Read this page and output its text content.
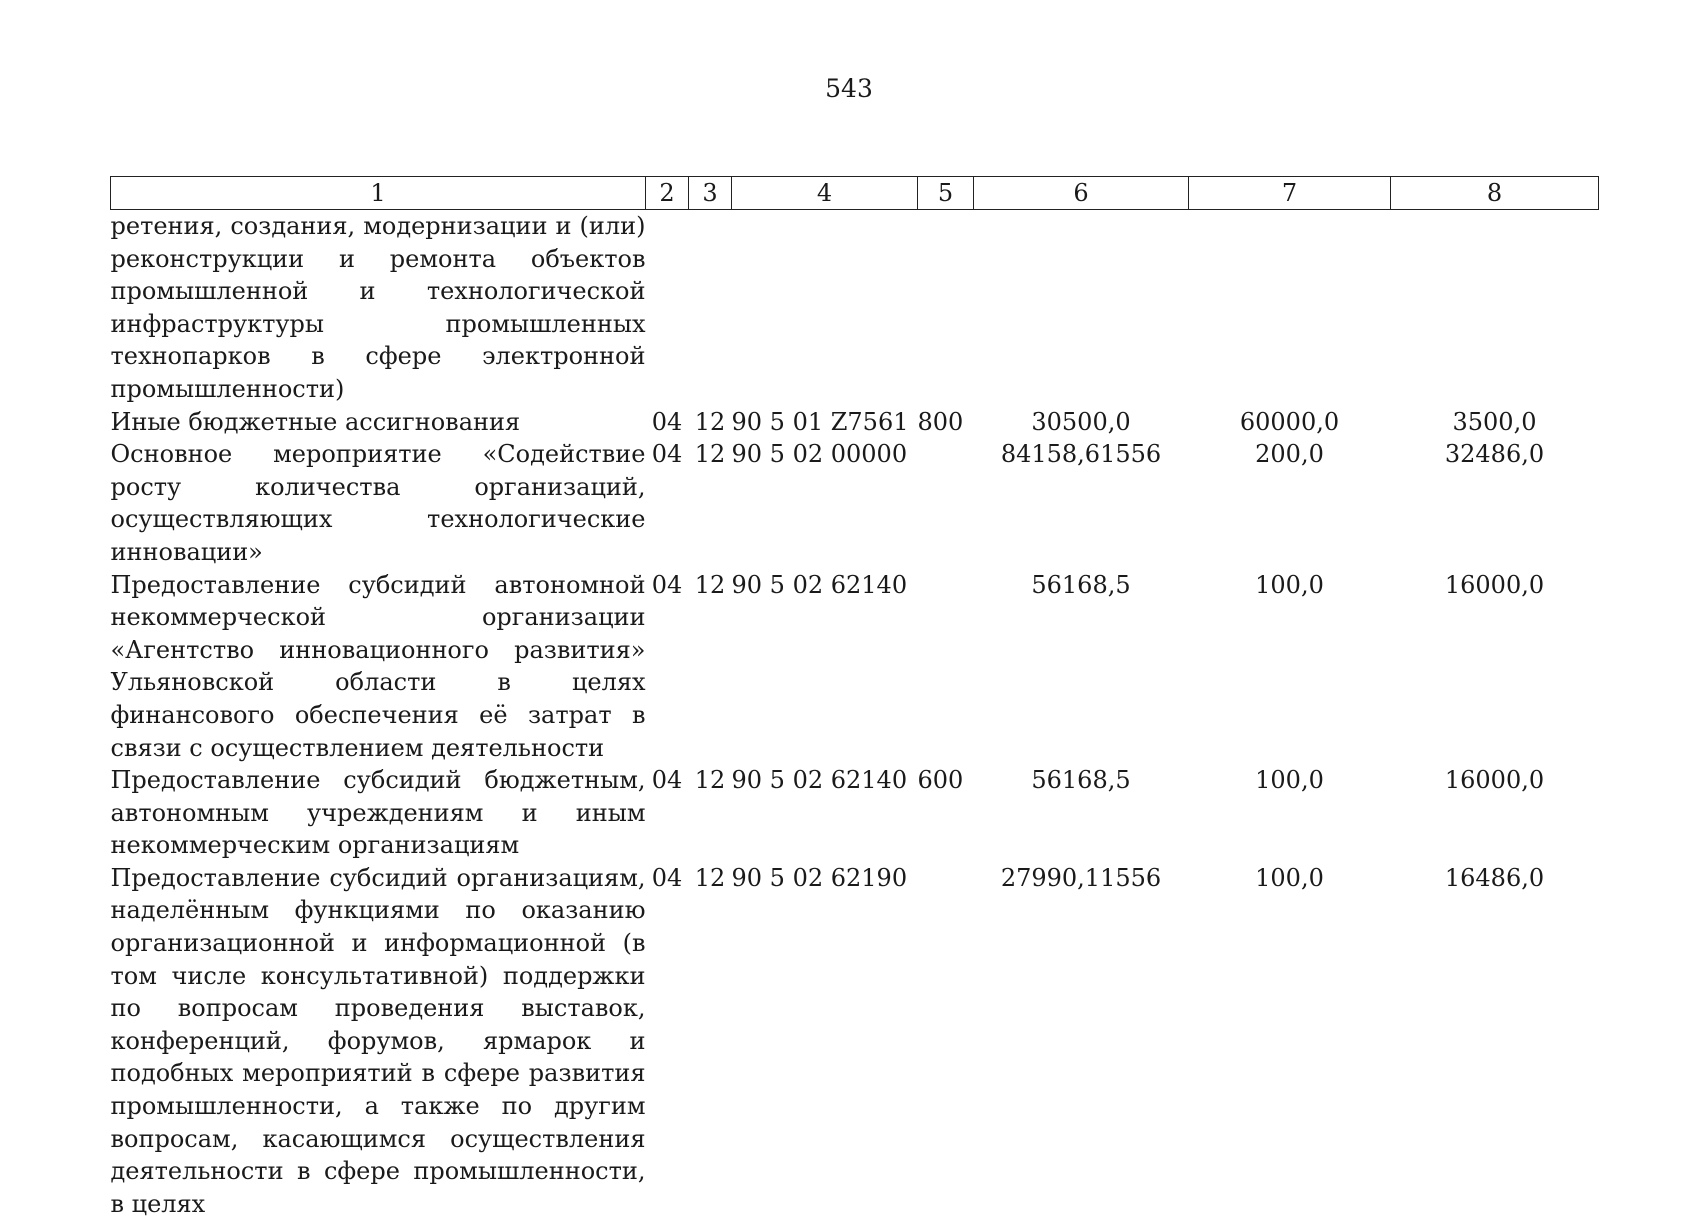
543
1	2	3	4	5	6	7	8
ретения, создания, модернизации и (или) реконструкции и ремонта объектов промышленной и технологической инфраструктуры промышленных технопарков в сфере электронной промышленности)							
Иные бюджетные ассигнования	04	12	90 5 01 Z7561	800	30500,0	60000,0	3500,0
Основное мероприятие «Содействие росту количества организаций, осуществляющих технологические инновации»	04	12	90 5 02 00000		84158,61556	200,0	32486,0
Предоставление субсидий автономной некоммерческой организации «Агентство инновационного развития» Ульяновской области в целях финансового обеспечения её затрат в связи с осуществлением деятельности	04	12	90 5 02 62140		56168,5	100,0	16000,0
Предоставление субсидий бюджетным, автономным учреждениям и иным некоммерческим организациям	04	12	90 5 02 62140	600	56168,5	100,0	16000,0
Предоставление субсидий организациям, наделённым функциями по оказанию организационной и информационной (в том числе консультативной) поддержки по вопросам проведения выставок, конференций, форумов, ярмарок и подобных мероприятий в сфере развития промышленности, а также по другим вопросам, касающимся осуществления деятельности в сфере промышленности, в целях	04	12	90 5 02 62190		27990,11556	100,0	16486,0
